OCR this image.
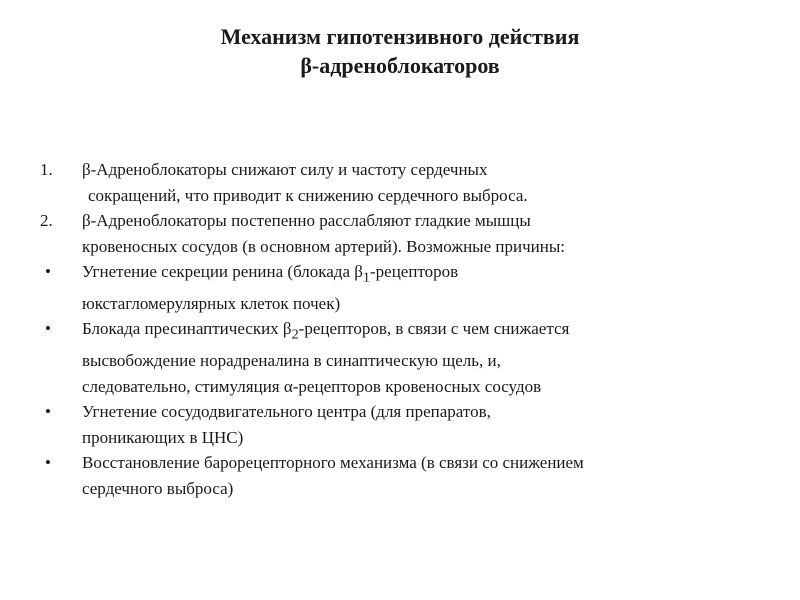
Механизм гипотензивного действия
β-адреноблокаторов
1. β-Адреноблокаторы снижают силу и частоту сердечных
сокращений, что приводит к снижению сердечного выброса.
2. β-Адреноблокаторы постепенно расслабляют гладкие мышцы
кровеносных сосудов (в основном артерий). Возможные причины:
• Угнетение секреции ренина (блокада $\beta_1$-рецепторов
юкстагломерулярных клеток почек)
• Блокада пресинаптических $\beta_2$-рецепторов, в связи с чем снижается
высвобождение норадреналина в синаптическую щель, и,
следовательно, стимуляция α-рецепторов кровеносных сосудов
• Угнетение сосудодвигательного центра (для препаратов,
проникающих в ЦНС)
• Восстановление барорецепторного механизма (в связи со снижением
сердечного выброса)
